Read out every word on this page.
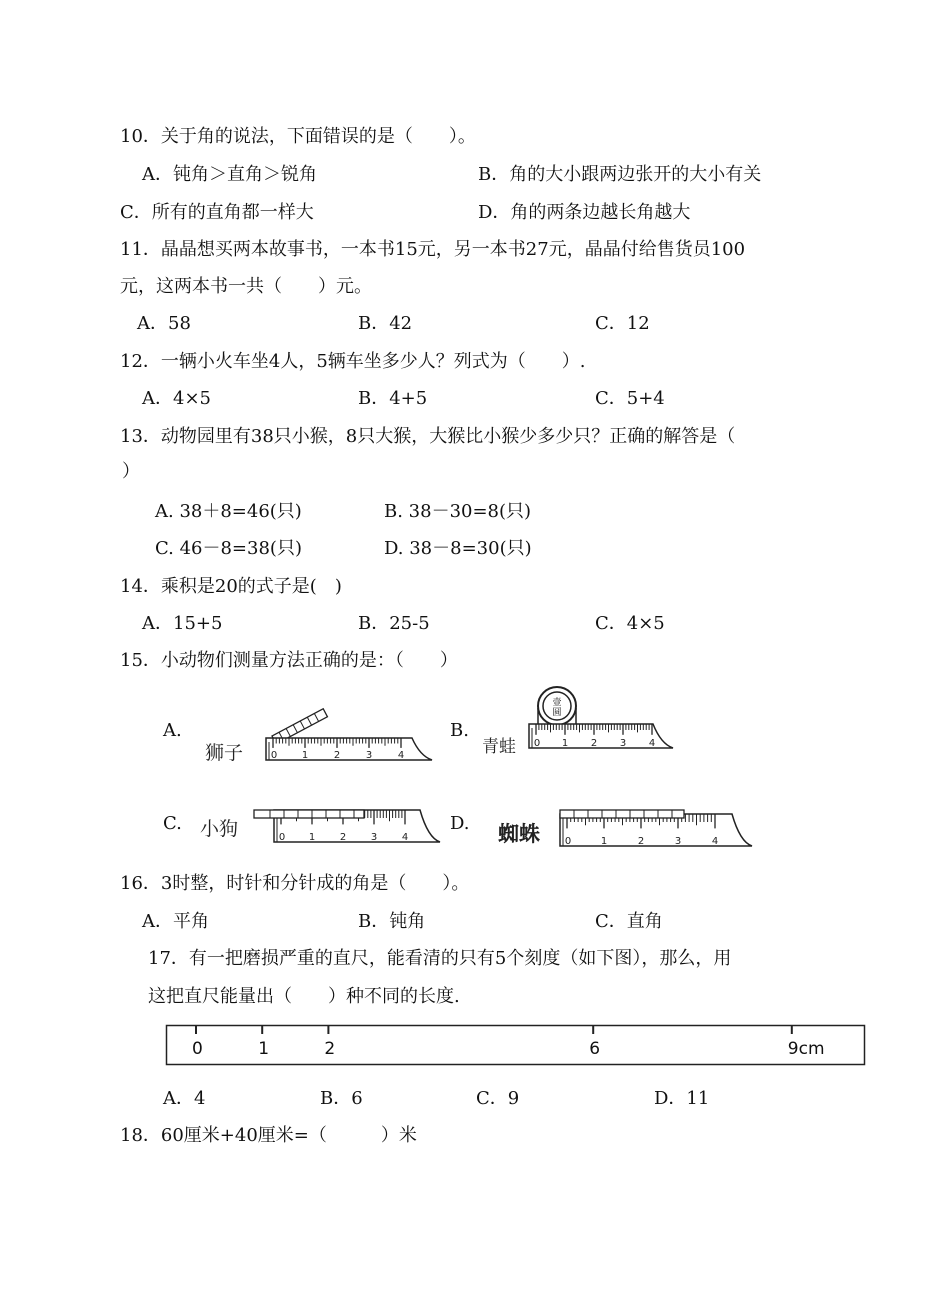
10．关于角的说法，下面错误的是（　　）。
A．钝角＞直角＞锐角	B．角的大小跟两边张开的大小有关
C．所有的直角都一样大	D．角的两条边越长角越大
11．晶晶想买两本故事书，一本书15元，另一本书27元，晶晶付给售货员100
元，这两本书一共（　　）元。
A．58	B．42	C．12
12．一辆小火车坐4人，5辆车坐多少人？列式为（　　）.
A．4×5	B．4+5	C．5+4
13．动物园里有38只小猴，8只大猴，大猴比小猴少多少只？正确的解答是（
）
A. 38＋8=46(只)	B. 38－30=8(只)
C. 46－8=38(只)	D. 38－8=30(只)
14．乘积是20的式子是(　)
A．15+5	B．25-5	C．4×5
15．小动物们测量方法正确的是：（　　）
A.
狮子	0 1	2	3	4
B.
青蛙
壹
圆
0 1 2 3 4
C. 小狗	0 1 2 3 4
D. 蜘蛛 0	1	2	3	4
16．3时整，时针和分针成的角是（　　）。
A．平角	B．钝角	C．直角
17．有一把磨损严重的直尺，能看清的只有5个刻度（如下图），那么，用
这把直尺能量出（　　）种不同的长度.
0	1	2	6	9cm
A．4	B．6	C．9	D．11
18．60厘米+40厘米=（　　　）米
